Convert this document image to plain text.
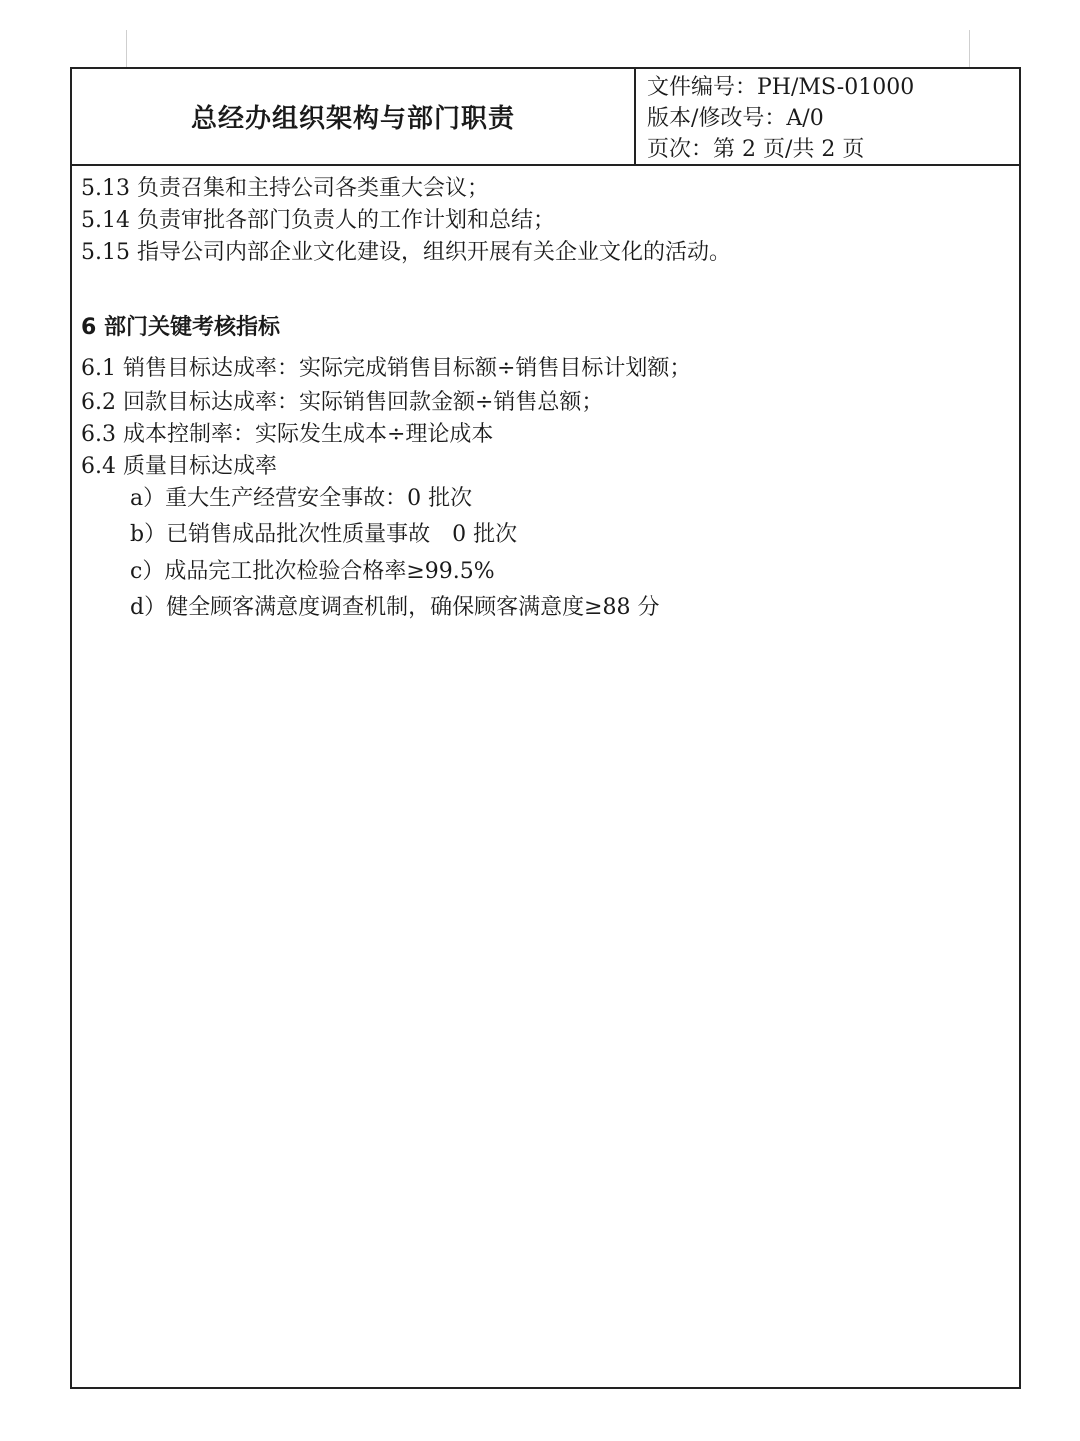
总经办组织架构与部门职责
文件编号：PH/MS-01000
版本/修改号：A/0
页次：第 2 页/共 2 页
5.13 负责召集和主持公司各类重大会议；
5.14 负责审批各部门负责人的工作计划和总结；
5.15 指导公司内部企业文化建设，组织开展有关企业文化的活动。
6 部门关键考核指标
6.1 销售目标达成率：实际完成销售目标额÷销售目标计划额；
6.2 回款目标达成率：实际销售回款金额÷销售总额；
6.3 成本控制率：实际发生成本÷理论成本
6.4 质量目标达成率
a）重大生产经营安全事故：0 批次
b）已销售成品批次性质量事故　0 批次
c）成品完工批次检验合格率≥99.5%
d）健全顾客满意度调查机制，确保顾客满意度≥88 分
